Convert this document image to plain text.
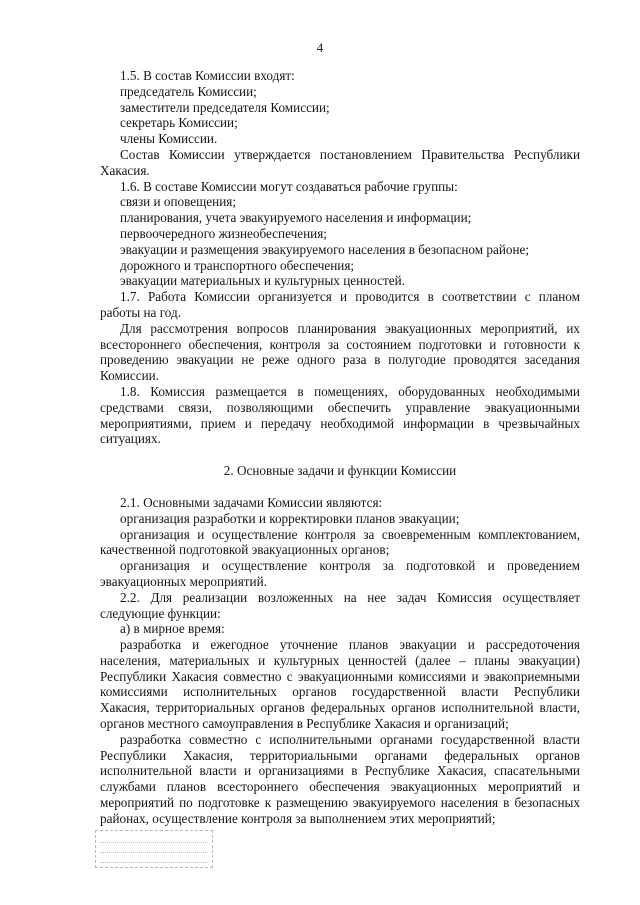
4
1.5. В состав Комиссии входят:
председатель Комиссии;
заместители председателя Комиссии;
секретарь Комиссии;
члены Комиссии.
Состав Комиссии утверждается постановлением Правительства Республики
Хакасия.
1.6. В составе Комиссии могут создаваться рабочие группы:
связи и оповещения;
планирования, учета эвакуируемого населения и информации;
первоочередного жизнеобеспечения;
эвакуации и размещения эвакуируемого населения в безопасном районе;
дорожного и транспортного обеспечения;
эвакуации материальных и культурных ценностей.
1.7. Работа Комиссии организуется и проводится в соответствии с планом
работы на год.
Для рассмотрения вопросов планирования эвакуационных мероприятий, их
всестороннего обеспечения, контроля за состоянием подготовки и готовности к
проведению эвакуации не реже одного раза в полугодие проводятся заседания
Комиссии.
1.8. Комиссия размещается в помещениях, оборудованных необходимыми
средствами связи, позволяющими обеспечить управление эвакуационными
мероприятиями, прием и передачу необходимой информации в чрезвычайных
ситуациях.
2. Основные задачи и функции Комиссии
2.1. Основными задачами Комиссии являются:
организация разработки и корректировки планов эвакуации;
организация и осуществление контроля за своевременным комплектованием,
качественной подготовкой эвакуационных органов;
организация и осуществление контроля за подготовкой и проведением
эвакуационных мероприятий.
2.2. Для реализации возложенных на нее задач Комиссия осуществляет
следующие функции:
а) в мирное время:
разработка и ежегодное уточнение планов эвакуации и рассредоточения
населения, материальных и культурных ценностей (далее – планы эвакуации)
Республики Хакасия совместно с эвакуационными комиссиями и эвакоприемными
комиссиями исполнительных органов государственной власти Республики
Хакасия, территориальных органов федеральных органов исполнительной власти,
органов местного самоуправления в Республике Хакасия и организаций;
разработка совместно с исполнительными органами государственной власти
Республики Хакасия, территориальными органами федеральных органов
исполнительной власти и организациями в Республике Хакасия, спасательными
службами планов всестороннего обеспечения эвакуационных мероприятий и
мероприятий по подготовке к размещению эвакуируемого населения в безопасных
районах, осуществление контроля за выполнением этих мероприятий;
